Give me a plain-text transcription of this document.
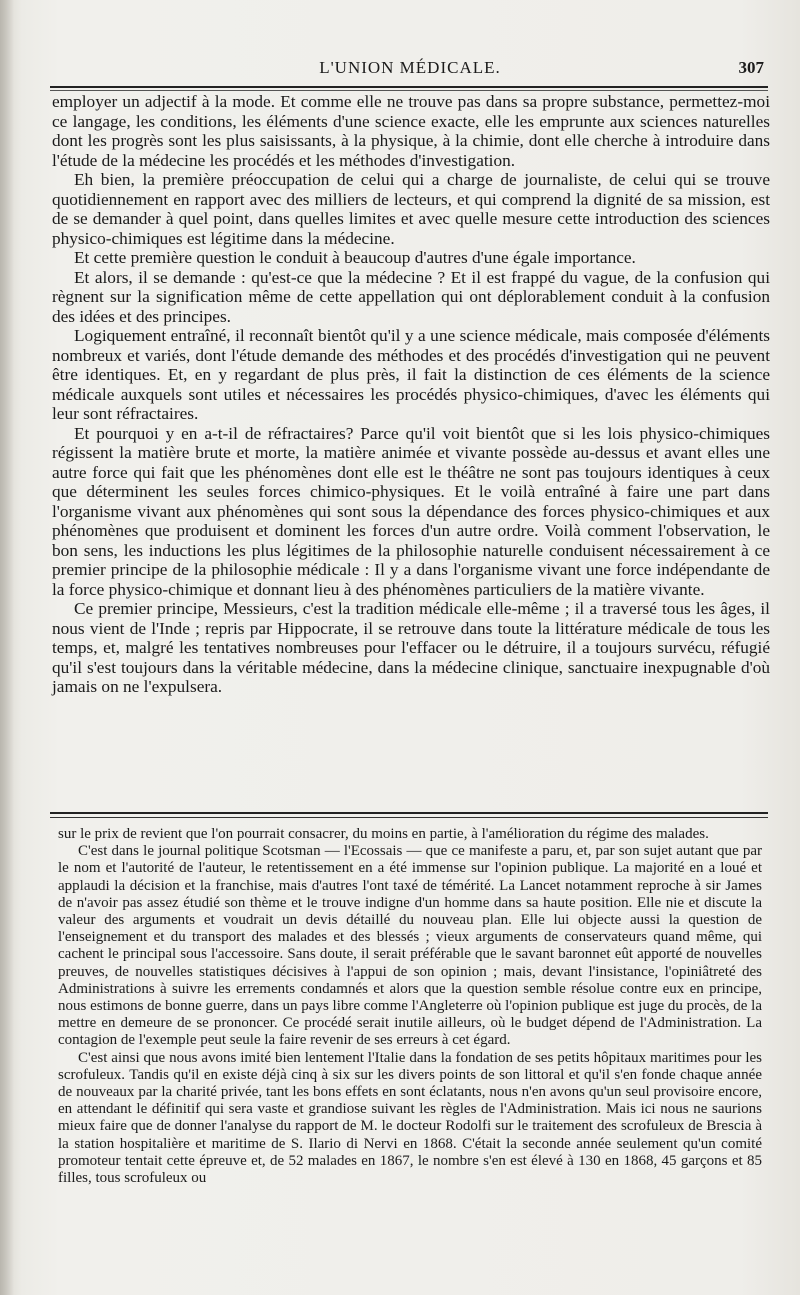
L'UNION MÉDICALE.	307

employer un adjectif à la mode. Et comme elle ne trouve pas dans sa propre substance, permettez-moi ce langage, les conditions, les éléments d'une science exacte, elle les emprunte aux sciences naturelles dont les progrès sont les plus saisissants, à la physique, à la chimie, dont elle cherche à introduire dans l'étude de la médecine les procédés et les méthodes d'investigation.

Eh bien, la première préoccupation de celui qui a charge de journaliste, de celui qui se trouve quotidiennement en rapport avec des milliers de lecteurs, et qui comprend la dignité de sa mission, est de se demander à quel point, dans quelles limites et avec quelle mesure cette introduction des sciences physico-chimiques est légitime dans la médecine.

Et cette première question le conduit à beaucoup d'autres d'une égale importance.

Et alors, il se demande : qu'est-ce que la médecine ? Et il est frappé du vague, de la confusion qui règnent sur la signification même de cette appellation qui ont déplorablement conduit à la confusion des idées et des principes.

Logiquement entraîné, il reconnaît bientôt qu'il y a une science médicale, mais composée d'éléments nombreux et variés, dont l'étude demande des méthodes et des procédés d'investigation qui ne peuvent être identiques. Et, en y regardant de plus près, il fait la distinction de ces éléments de la science médicale auxquels sont utiles et nécessaires les procédés physico-chimiques, d'avec les éléments qui leur sont réfractaires.

Et pourquoi y en a-t-il de réfractaires? Parce qu'il voit bientôt que si les lois physico-chimiques régissent la matière brute et morte, la matière animée et vivante possède au-dessus et avant elles une autre force qui fait que les phénomènes dont elle est le théâtre ne sont pas toujours identiques à ceux que déterminent les seules forces chimico-physiques. Et le voilà entraîné à faire une part dans l'organisme vivant aux phénomènes qui sont sous la dépendance des forces physico-chimiques et aux phénomènes que produisent et dominent les forces d'un autre ordre. Voilà comment l'observation, le bon sens, les inductions les plus légitimes de la philosophie naturelle conduisent nécessairement à ce premier principe de la philosophie médicale : Il y a dans l'organisme vivant une force indépendante de la force physico-chimique et donnant lieu à des phénomènes particuliers de la matière vivante.

Ce premier principe, Messieurs, c'est la tradition médicale elle-même ; il a traversé tous les âges, il nous vient de l'Inde ; repris par Hippocrate, il se retrouve dans toute la littérature médicale de tous les temps, et, malgré les tentatives nombreuses pour l'effacer ou le détruire, il a toujours survécu, réfugié qu'il s'est toujours dans la véritable médecine, dans la médecine clinique, sanctuaire inexpugnable d'où jamais on ne l'expulsera.

sur le prix de revient que l'on pourrait consacrer, du moins en partie, à l'amélioration du régime des malades.

C'est dans le journal politique Scotsman — l'Ecossais — que ce manifeste a paru, et, par son sujet autant que par le nom et l'autorité de l'auteur, le retentissement en a été immense sur l'opinion publique. La majorité en a loué et applaudi la décision et la franchise, mais d'autres l'ont taxé de témérité. La Lancet notamment reproche à sir James de n'avoir pas assez étudié son thème et le trouve indigne d'un homme dans sa haute position. Elle nie et discute la valeur des arguments et voudrait un devis détaillé du nouveau plan. Elle lui objecte aussi la question de l'enseignement et du transport des malades et des blessés ; vieux arguments de conservateurs quand même, qui cachent le principal sous l'accessoire. Sans doute, il serait préférable que le savant baronnet eût apporté de nouvelles preuves, de nouvelles statistiques décisives à l'appui de son opinion ; mais, devant l'insistance, l'opiniâtreté des Administrations à suivre les errements condamnés et alors que la question semble résolue contre eux en principe, nous estimons de bonne guerre, dans un pays libre comme l'Angleterre où l'opinion publique est juge du procès, de la mettre en demeure de se prononcer. Ce procédé serait inutile ailleurs, où le budget dépend de l'Administration. La contagion de l'exemple peut seule la faire revenir de ses erreurs à cet égard.

C'est ainsi que nous avons imité bien lentement l'Italie dans la fondation de ses petits hôpitaux maritimes pour les scrofuleux. Tandis qu'il en existe déjà cinq à six sur les divers points de son littoral et qu'il s'en fonde chaque année de nouveaux par la charité privée, tant les bons effets en sont éclatants, nous n'en avons qu'un seul provisoire encore, en attendant le définitif qui sera vaste et grandiose suivant les règles de l'Administration. Mais ici nous ne saurions mieux faire que de donner l'analyse du rapport de M. le docteur Rodolfi sur le traitement des scrofuleux de Brescia à la station hospitalière et maritime de S. Ilario di Nervi en 1868. C'était la seconde année seulement qu'un comité promoteur tentait cette épreuve et, de 52 malades en 1867, le nombre s'en est élevé à 130 en 1868, 45 garçons et 85 filles, tous scrofuleux ou
